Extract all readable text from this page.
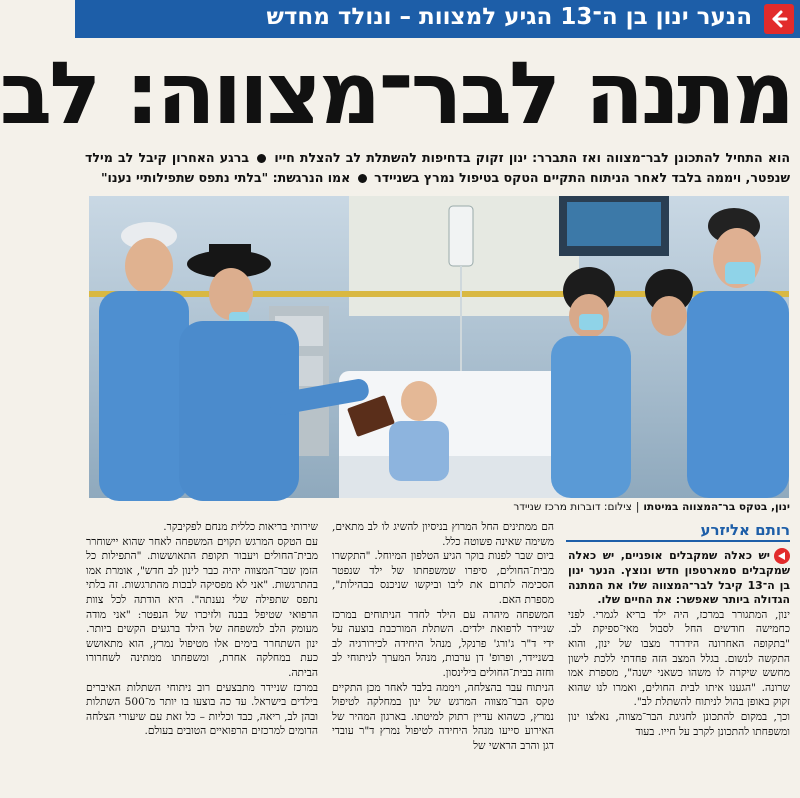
הנער ינון בן ה־13 הגיע למצוות – ונולד מחדש
מתנה לבר־מצווה: לב
הוא התחיל להתכונן לבר־מצווה ואז התברר: ינון זקוק בדחיפות להשתלת לב להצלת חייו  ברגע האחרון קיבל לב מילד שנפטר, ויממה בלבד לאחר הניתוח התקיים הטקס בטיפול נמרץ בשניידר  אמו הנרגשת: "בלתי נתפס שתפילותיי נענו"
ינון, בטקס בר־המצווה במיטתו|צילום: דוברות מרכז שניידר
רותם אליזרע

יש כאלה שמקבלים אופניים, יש כאלה שמקבלים סמארטפון חדש ונוצץ. הנער ינון בן ה־13 קיבל לבר־המצווה שלו את המתנה הגדולה ביותר שאפשר: את החיים שלו.

ינון, המתגורר במרכז, היה ילד בריא לגמרי. לפני כחמישה חודשים החל לסבול מאי־ספיקת לב. "בתקופה האחרונה הידרדר מצבו של ינון, והוא התקשה לנשום. בגלל המצב הזה פחדתי ללכת לישון מחשש שיקרה לו משהו כשאני ישנה", מספרת אמו שרונה. "הגענו איתו לבית החולים, ואמרו לנו שהוא זקוק באופן בהול לניתוח להשתלת לב".

וכך, במקום להתכונן לחגיגת הבר־מצווה, נאלצו ינון ומשפחתו להתכונן לקרב על חייו. בעוד

הם ממתינים החל המרוץ בניסיון להשיג לו לב מתאים, משימה שאינה פשוטה כלל.

ביום שבר לפנות בוקר הגיע הטלפון המיוחל. "התקשרו מבית־החולים, סיפרו שמשפחתו של ילד שנפטר הסכימה לתרום את ליבו וביקשו שניכנס בבהילות", מספרת האם.

המשפחה מיהרה עם הילד לחדר הניתוחים במרכז שניידר לרפואת ילדים. השתלת המורכבת בוצעה על ידי ד"ר ג'ורג' פרנקל, מנהל היחידה לכירורגיה לב בשניידר, ופרופ' דן ערבות, מנהל המערך לניתוחי לב וחזה בבית־החולים בילינסון.

הניתוח עבר בהצלחה, ויממה בלבד לאחר מכן התקיים טקס הבר־מצווה המרגש של ינון במחלקה לטיפול נמרץ, כשהוא עדיין רתוק למיטתו. בארגון המהיר של האירוע סייעו מנהל היחידה לטיפול נמרץ ד"ר עובדי דגן והרב הראשי של

שירותי בריאות כללית מנחם לפקיבקר.

עם הטקס המרגש תקוים המשפחה לאחר שהוא יישוחרר מבית־החולים ויעבור תקופת התאוששות. "התפילות כל הזמן שבר־המצווה יהיה כבר לינון לב חדש", אומרת אמו בהתרגשות. "אני לא מפסיקה לבכות מהתרגשות. זה בלתי נתפס שתפילה שלי נענתה". היא הודתה לכל צוות הרפואי שטיפל בבנה ולזיכרו של הנפטר: "אני מודה מעומק הלב למשפחה של הילד ברגעים הקשים ביותר. ינון השתחרר בימים אלו מטיפול נמרץ, הוא מתאושש כעת במחלקה אחרת, ומשפחתו ממתינה לשחרורו הביתה.

במרכז שניידר מתבצעים רוב ניתוחי השתלות האיברים בילדים בישראל. עד כה בוצעו בו יותר מ־500 השתלות ובהן לב, ריאה, כבד וכליות – כל זאת עם שיעורי הצלחה הדומים למרכזים הרפואיים הטובים בעולם.
